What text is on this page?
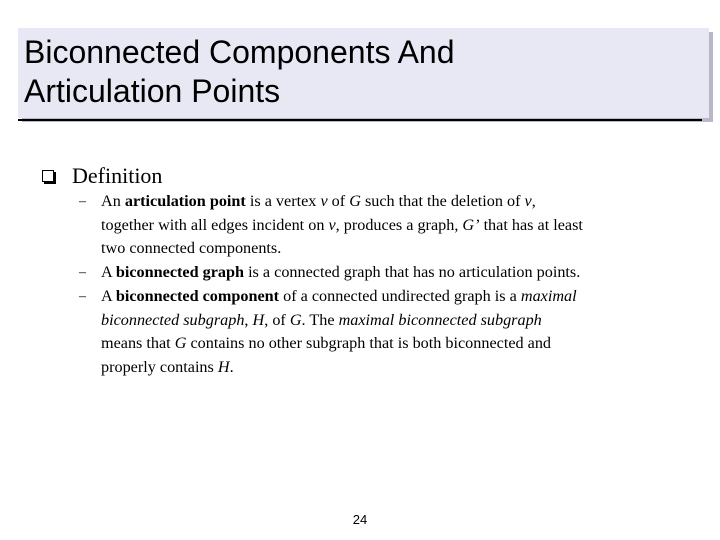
Biconnected Components And
Articulation Points
Definition
– An articulation point is a vertex v of G such that the deletion of v,
together with all edges incident on v, produces a graph, G’ that has at least
two connected components.
– A biconnected graph is a connected graph that has no articulation points.
– A biconnected component of a connected undirected graph is a maximal
biconnected subgraph, H, of G. The maximal biconnected subgraph
means that G contains no other subgraph that is both biconnected and
properly contains H.
24
